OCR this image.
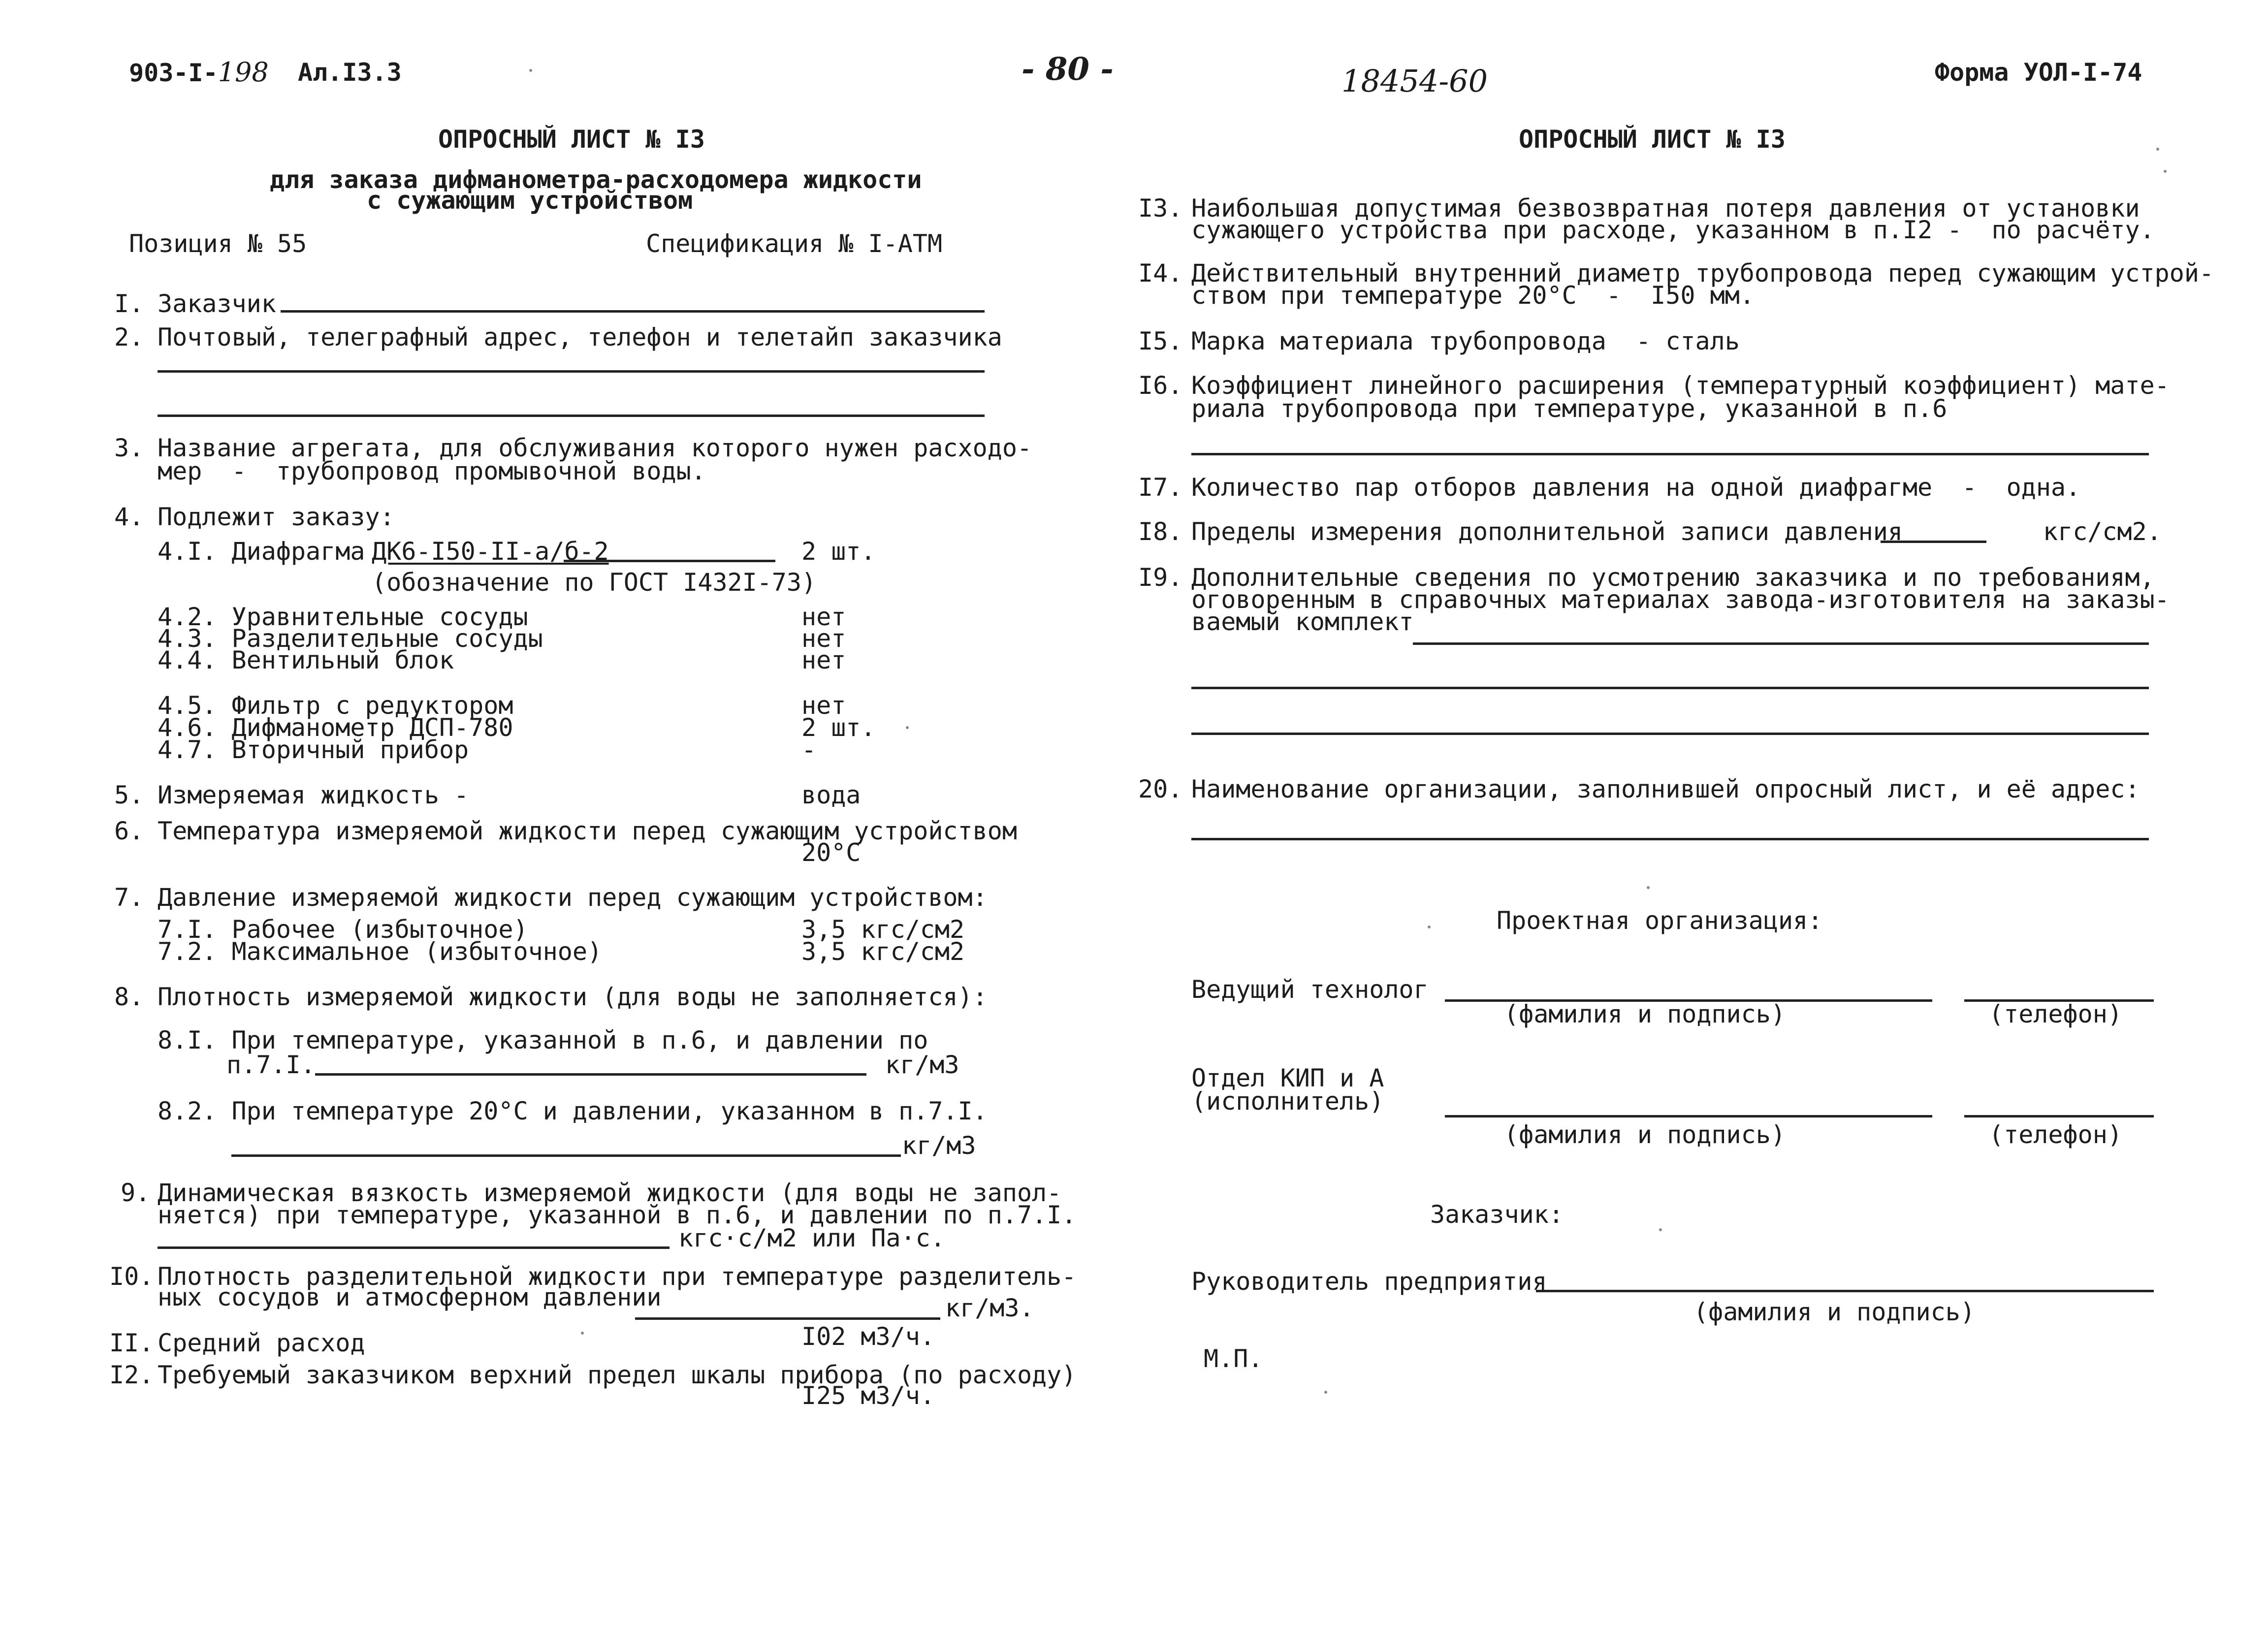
903-I-198 Ал.I3.3	- 80 -	18454-60	Форма УОЛ-I-74
ОПРОСНЫЙ ЛИСТ № I3
для заказа дифманометра-расходомера жидкости
с сужающим устройством
Позиция № 55	Спецификация № I-АТМ
I. Заказчик
2. Почтовый, телеграфный адрес, телефон и телетайп заказчика
3. Название агрегата, для обслуживания которого нужен расходо-
мер  -  трубопровод промывочной воды.
4. Подлежит заказу:
4.I. Диафрагма ДК6-I50-II-а/б-2	2 шт.
(обозначение по ГОСТ I432I-73)
4.2. Уравнительные сосуды	нет
4.3. Разделительные сосуды	нет
4.4. Вентильный блок	нет
4.5. Фильтр с редуктором	нет
4.6. Дифманометр ДСП-780	2 шт.
4.7. Вторичный прибор	-
5. Измеряемая жидкость -	вода
6. Температура измеряемой жидкости перед сужающим устройством
20°С
7. Давление измеряемой жидкости перед сужающим устройством:
7.I. Рабочее (избыточное)	3,5 кгс/см2
7.2. Максимальное (избыточное)	3,5 кгс/см2
8. Плотность измеряемой жидкости (для воды не заполняется):
8.I. При температуре, указанной в п.6, и давлении по
п.7.I.	кг/м3
8.2. При температуре 20°С и давлении, указанном в п.7.I.
кг/м3
9. Динамическая вязкость измеряемой жидкости (для воды не запол-
няется) при температуре, указанной в п.6, и давлении по п.7.I.
кгс·с/м2 или Па·с.
I0. Плотность разделительной жидкости при температуре разделитель-
ных сосудов и атмосферном давлении	кг/м3.
II. Средний расход	I02 м3/ч.
I2. Требуемый заказчиком верхний предел шкалы прибора (по расходу)
I25 м3/ч.
ОПРОСНЫЙ ЛИСТ № I3
I3. Наибольшая допустимая безвозвратная потеря давления от установки
сужающего устройства при расходе, указанном в п.I2 -  по расчёту.
I4. Действительный внутренний диаметр трубопровода перед сужающим устрой-
ством при температуре 20°С  -  I50 мм.
I5. Марка материала трубопровода  - сталь
I6. Коэффициент линейного расширения (температурный коэффициент) мате-
риала трубопровода при температуре, указанной в п.6
I7. Количество пар отборов давления на одной диафрагме  -  одна.
I8. Пределы измерения дополнительной записи давления	кгс/см2.
I9. Дополнительные сведения по усмотрению заказчика и по требованиям,
оговоренным в справочных материалах завода-изготовителя на заказы-
ваемый комплект
20. Наименование организации, заполнившей опросный лист, и её адрес:
Проектная организация:
Ведущий технолог
(фамилия и подпись)	(телефон)
Отдел КИП и А
(исполнитель)
(фамилия и подпись)	(телефон)
Заказчик:
Руководитель предприятия
(фамилия и подпись)
М.П.
